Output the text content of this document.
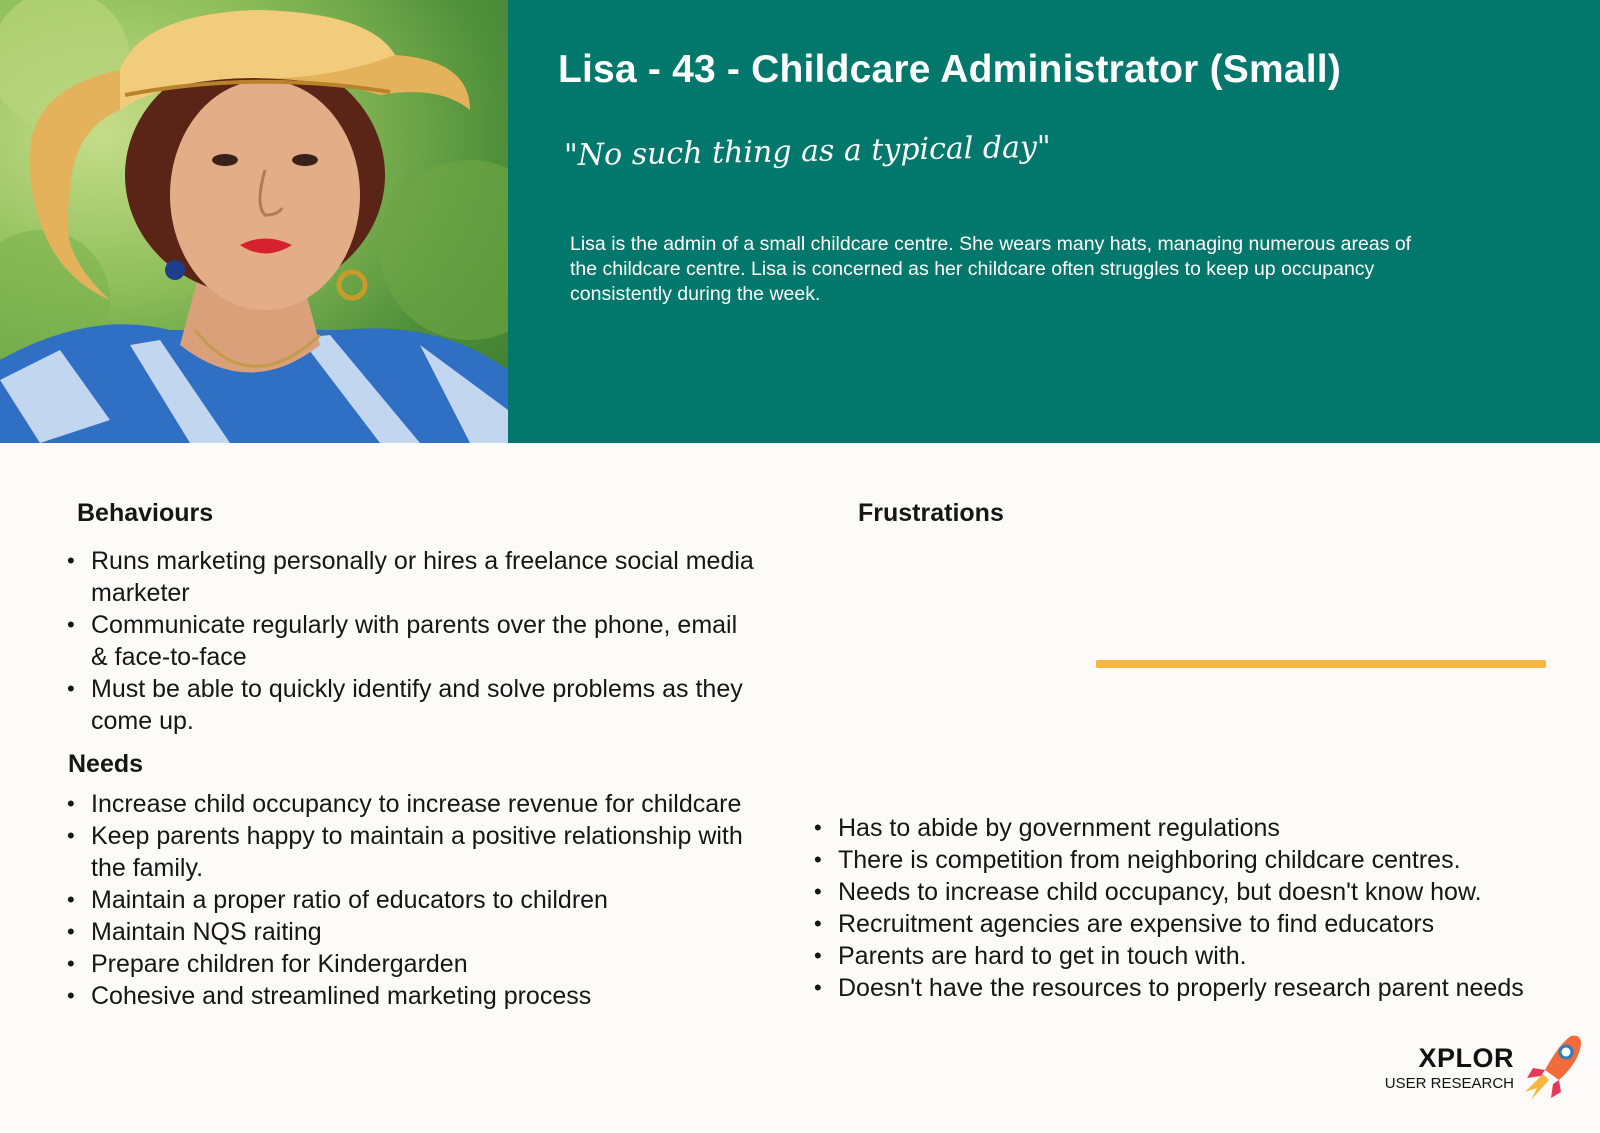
Lisa - 43 - Childcare Administrator (Small)
"No such thing as a typical day"

Lisa is the admin of a small childcare centre. She wears many hats, managing numerous areas of the childcare centre. Lisa is concerned as her childcare often struggles to keep up occupancy consistently during the week.

Behaviours
• Runs marketing personally or hires a freelance social media marketer
• Communicate regularly with parents over the phone, email & face-to-face
• Must be able to quickly identify and solve problems as they come up.
Needs
• Increase child occupancy to increase revenue for childcare
• Keep parents happy to maintain a positive relationship with the family.
• Maintain a proper ratio of educators to children
• Maintain NQS raiting
• Prepare children for Kindergarden
• Cohesive and streamlined marketing process
Frustrations
• Has to abide by government regulations
• There is competition from neighboring childcare centres.
• Needs to increase child occupancy, but doesn't know how.
• Recruitment agencies are expensive to find educators
• Parents are hard to get in touch with.
• Doesn't have the resources to properly research parent needs
XPLOR
USER RESEARCH
